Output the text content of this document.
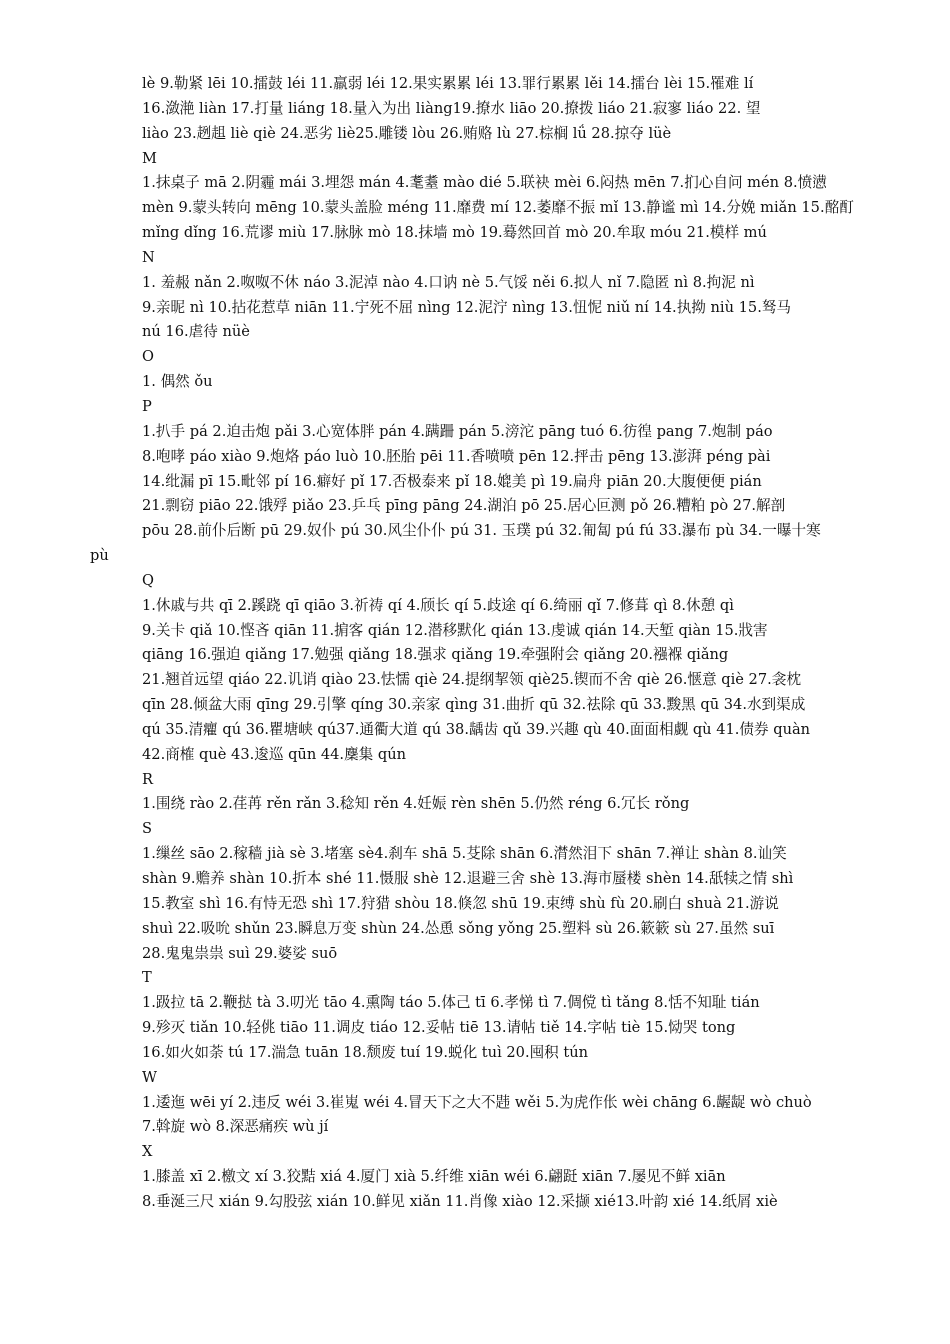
lè 9.勒紧 lēi 10.擂鼓 léi 11.羸弱 léi 12.果实累累 léi 13.罪行累累 lěi 14.擂台 lèi 15.罹难 lí
16.潋滟 liàn 17.打量 liáng 18.量入为出 liàng19.撩水 liāo 20.撩拨 liáo 21.寂寥 liáo 22. 望
liào 23.趔趄 liè qiè 24.恶劣 liè25.雕镂 lòu 26.贿赂 lù 27.棕榈 lǘ 28.掠夺 lüè
M
1.抹桌子 mā 2.阴霾 mái 3.埋怨 mán 4.耄耋 mào dié 5.联袂 mèi 6.闷热 mēn 7.扪心自问 mén 8.愤懑
mèn 9.蒙头转向 mēng 10.蒙头盖脸 méng 11.靡费 mí 12.萎靡不振 mǐ 13.静谧 mì 14.分娩 miǎn 15.酩酊
mǐng dǐng 16.荒谬 miù 17.脉脉 mò 18.抹墙 mò 19.蓦然回首 mò 20.牟取 móu 21.模样 mú
N
1. 羞赧 nǎn 2.呶呶不休 náo 3.泥淖 nào 4.口讷 nè 5.气馁 něi 6.拟人 nǐ 7.隐匿 nì 8.拘泥 nì
9.亲昵 nì 10.拈花惹草 niān 11.宁死不屈 nìng 12.泥泞 nìng 13.忸怩 niǔ ní 14.执拗 niù 15.驽马
nú 16.虐待 nüè
O
1. 偶然 ǒu
P
1.扒手 pá 2.迫击炮 pǎi 3.心宽体胖 pán 4.蹒跚 pán 5.滂沱 pāng tuó 6.彷徨 pang 7.炮制 páo
8.咆哮 páo xiào 9.炮烙 páo luò 10.胚胎 pēi 11.香喷喷 pēn 12.抨击 pēng 13.澎湃 péng pài
14.纰漏 pī 15.毗邻 pí 16.癖好 pǐ 17.否极泰来 pǐ 18.媲美 pì 19.扁舟 piān 20.大腹便便 pián
21.剽窃 piāo 22.饿殍 piǎo 23.乒乓 pīng pāng 24.湖泊 pō 25.居心叵测 pǒ 26.糟粕 pò 27.解剖
pōu 28.前仆后断 pū 29.奴仆 pú 30.风尘仆仆 pú 31. 玉璞 pú 32.匍匐 pú fú 33.瀑布 pù 34.一曝十寒
pù
Q
1.休戚与共 qī 2.蹊跷 qī qiāo 3.祈祷 qí 4.颀长 qí 5.歧途 qí 6.绮丽 qǐ 7.修葺 qì 8.休憩 qì
9.关卡 qiǎ 10.悭吝 qiān 11.掮客 qián 12.潜移默化 qián 13.虔诚 qián 14.天堑 qiàn 15.戕害
qiāng 16.强迫 qiǎng 17.勉强 qiǎng 18.强求 qiǎng 19.牵强附会 qiǎng 20.襁褓 qiǎng
21.翘首远望 qiáo 22.讥诮 qiào 23.怯懦 qiè 24.提纲挈领 qiè25.锲而不舍 qiè 26.惬意 qiè 27.衾枕
qīn 28.倾盆大雨 qīng 29.引擎 qíng 30.亲家 qìng 31.曲折 qū 32.祛除 qū 33.黢黑 qū 34.水到渠成
qú 35.清癯 qú 36.瞿塘峡 qú37.通衢大道 qú 38.龋齿 qǔ 39.兴趣 qù 40.面面相觑 qù 41.债券 quàn
42.商榷 què 43.逡巡 qūn 44.麇集 qún
R
1.围绕 rào 2.荏苒 rěn rǎn 3.稔知 rěn 4.妊娠 rèn shēn 5.仍然 réng 6.冗长 rǒng
S
1.缫丝 sāo 2.稼穑 jià sè 3.堵塞 sè4.刹车 shā 5.芟除 shān 6.潸然泪下 shān 7.禅让 shàn 8.讪笑
shàn 9.赡养 shàn 10.折本 shé 11.慑服 shè 12.退避三舍 shè 13.海市蜃楼 shèn 14.舐犊之情 shì
15.教室 shì 16.有恃无恐 shì 17.狩猎 shòu 18.倏忽 shū 19.束缚 shù fù 20.刷白 shuà 21.游说
shuì 22.吸吮 shǔn 23.瞬息万变 shùn 24.怂恿 sǒng yǒng 25.塑料 sù 26.簌簌 sù 27.虽然 suī
28.鬼鬼祟祟 suì 29.婆娑 suō
T
1.趿拉 tā 2.鞭挞 tà 3.叨光 tāo 4.熏陶 táo 5.体己 tī 6.孝悌 tì 7.倜傥 tì tǎng 8.恬不知耻 tián
9.殄灭 tiǎn 10.轻佻 tiāo 11.调皮 tiáo 12.妥帖 tiē 13.请帖 tiě 14.字帖 tiè 15.恸哭 tong
16.如火如荼 tú 17.湍急 tuān 18.颓废 tuí 19.蜕化 tuì 20.囤积 tún
W
1.逶迤 wēi yí 2.违反 wéi 3.崔嵬 wéi 4.冒天下之大不韪 wěi 5.为虎作伥 wèi chāng 6.龌龊 wò chuò
7.斡旋 wò 8.深恶痛疾 wù jí
X
1.膝盖 xī 2.檄文 xí 3.狡黠 xiá 4.厦门 xià 5.纤维 xiān wéi 6.翩跹 xiān 7.屡见不鲜 xiān
8.垂涎三尺 xián 9.勾股弦 xián 10.鲜见 xiǎn 11.肖像 xiào 12.采撷 xié13.叶韵 xié 14.纸屑 xiè
